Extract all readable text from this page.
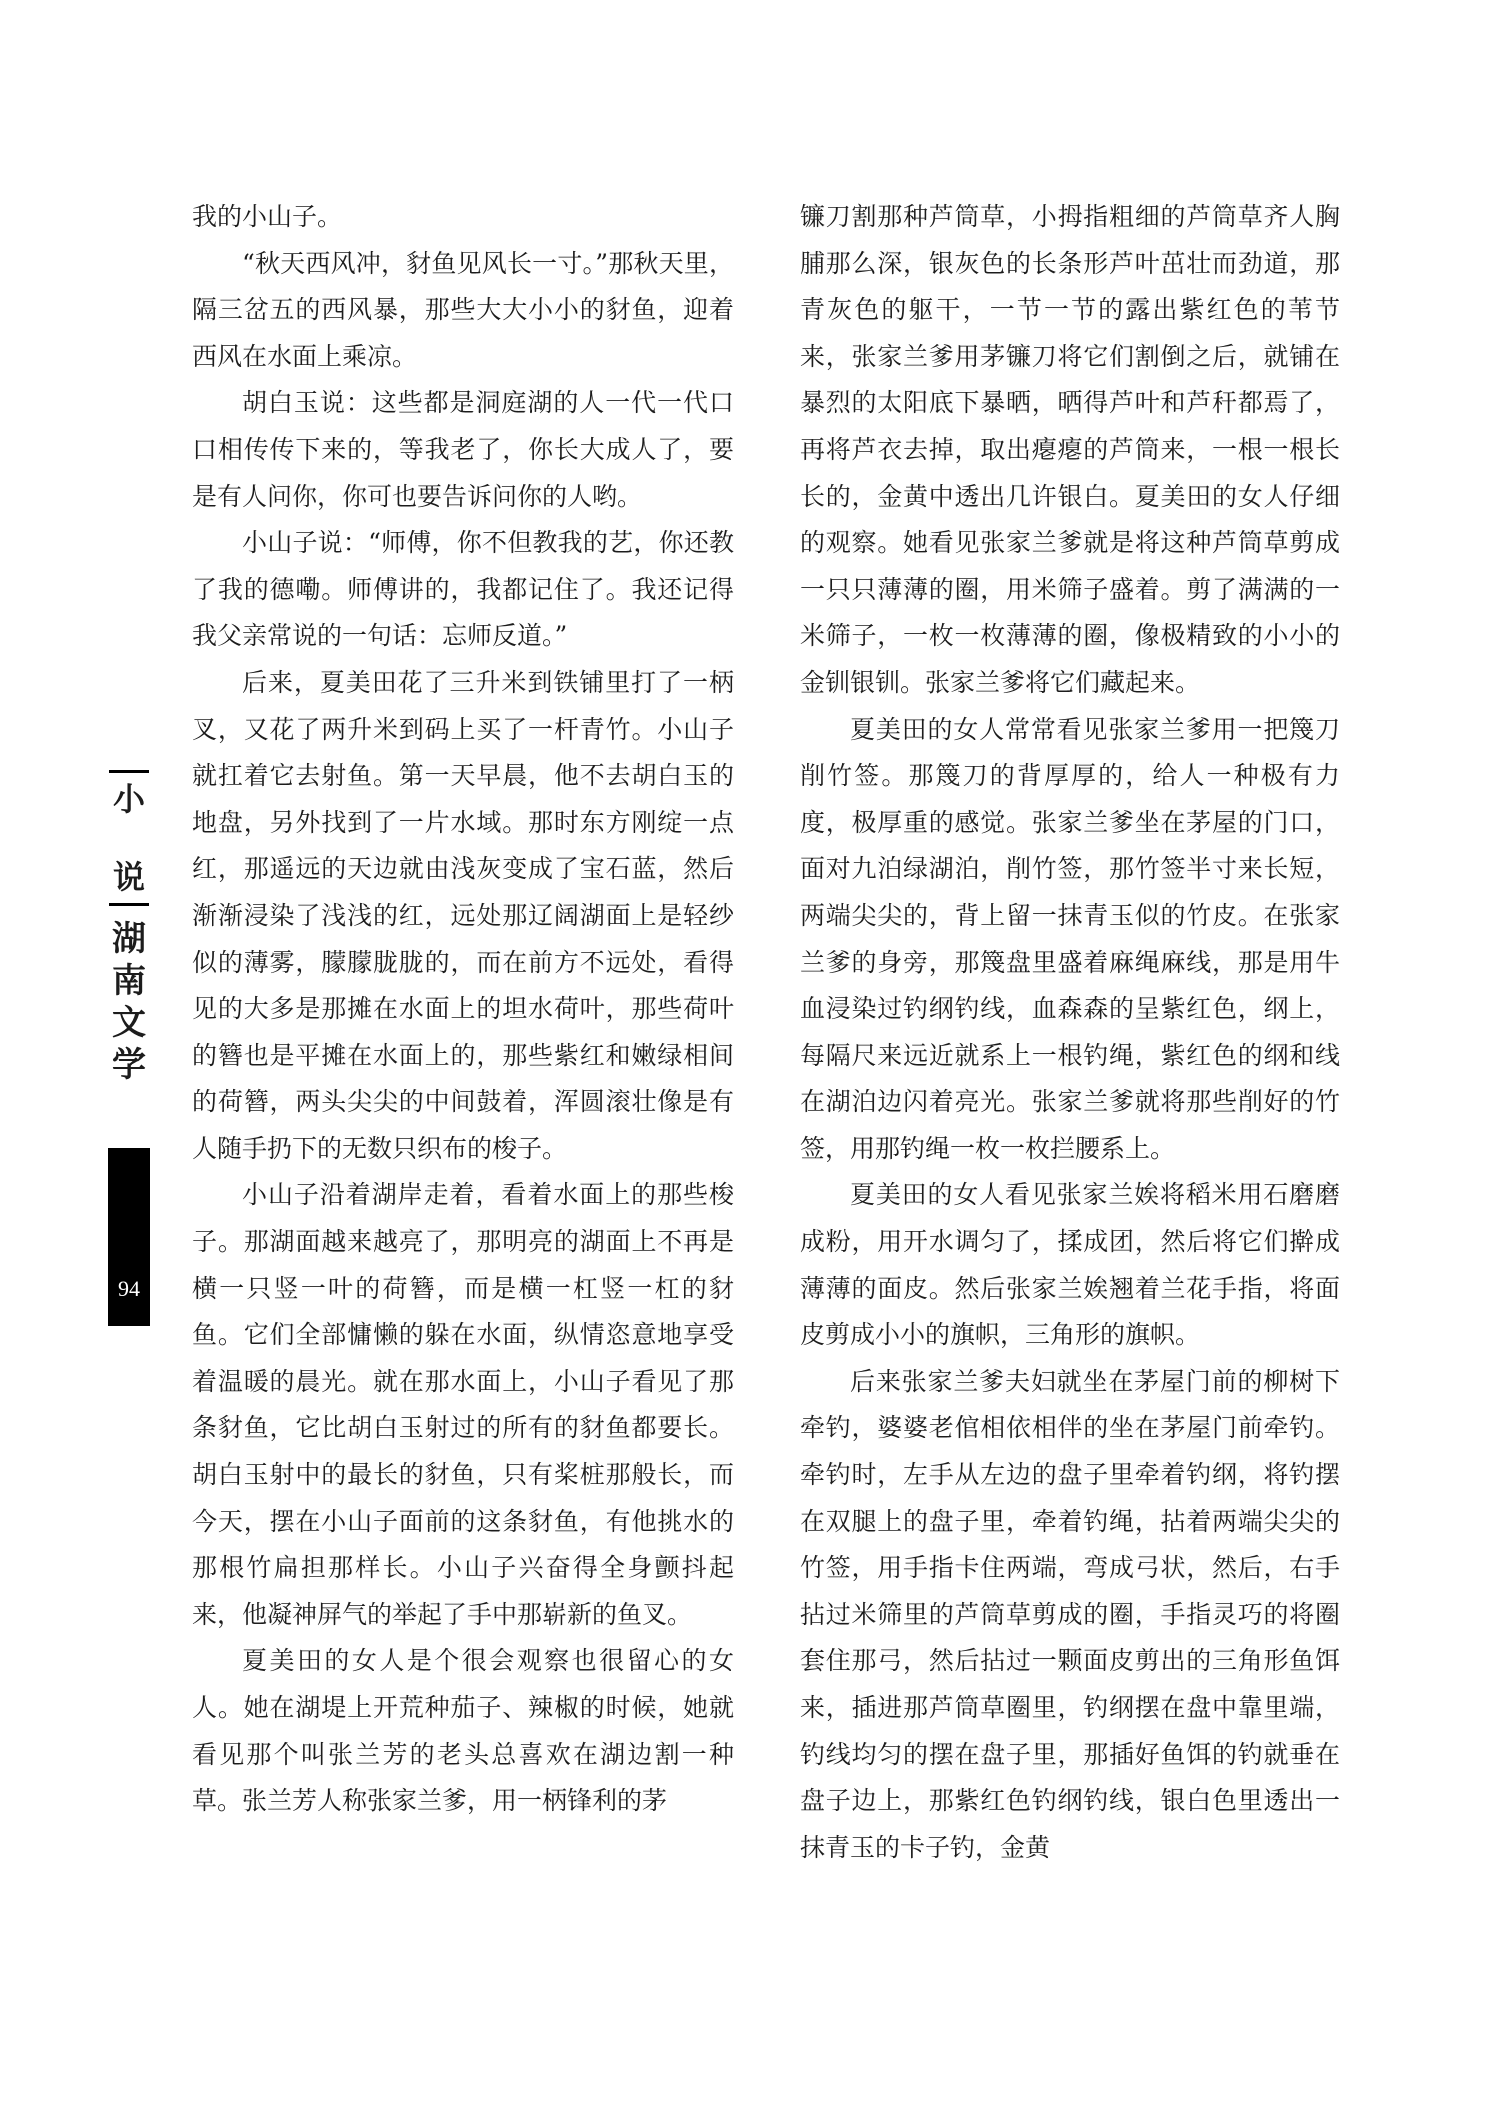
小
说
湖
南
文
学
94

我的小山子。

“秋天西风冲，豺鱼见风长一寸。”那秋天里，隔三岔五的西风暴，那些大大小小的豺鱼，迎着西风在水面上乘凉。

胡白玉说：这些都是洞庭湖的人一代一代口口相传传下来的，等我老了，你长大成人了，要是有人问你，你可也要告诉问你的人哟。

小山子说：“师傅，你不但教我的艺，你还教了我的德嘞。师傅讲的，我都记住了。我还记得我父亲常说的一句话：忘师反道。”

后来，夏美田花了三升米到铁铺里打了一柄叉，又花了两升米到码上买了一杆青竹。小山子就扛着它去射鱼。第一天早晨，他不去胡白玉的地盘，另外找到了一片水域。那时东方刚绽一点红，那遥远的天边就由浅灰变成了宝石蓝，然后渐渐浸染了浅浅的红，远处那辽阔湖面上是轻纱似的薄雾，朦朦胧胧的，而在前方不远处，看得见的大多是那摊在水面上的坦水荷叶，那些荷叶的簪也是平摊在水面上的，那些紫红和嫩绿相间的荷簪，两头尖尖的中间鼓着，浑圆滚壮像是有人随手扔下的无数只织布的梭子。

小山子沿着湖岸走着，看着水面上的那些梭子。那湖面越来越亮了，那明亮的湖面上不再是横一只竖一叶的荷簪，而是横一杠竖一杠的豺鱼。它们全部慵懒的躲在水面，纵情恣意地享受着温暖的晨光。就在那水面上，小山子看见了那条豺鱼，它比胡白玉射过的所有的豺鱼都要长。胡白玉射中的最长的豺鱼，只有桨桩那般长，而今天，摆在小山子面前的这条豺鱼，有他挑水的那根竹扁担那样长。小山子兴奋得全身颤抖起来，他凝神屏气的举起了手中那崭新的鱼叉。

夏美田的女人是个很会观察也很留心的女人。她在湖堤上开荒种茄子、辣椒的时候，她就看见那个叫张兰芳的老头总喜欢在湖边割一种草。张兰芳人称张家兰爹，用一柄锋利的茅

镰刀割那种芦筒草，小拇指粗细的芦筒草齐人胸脯那么深，银灰色的长条形芦叶茁壮而劲道，那青灰色的躯干，一节一节的露出紫红色的苇节来，张家兰爹用茅镰刀将它们割倒之后，就铺在暴烈的太阳底下暴晒，晒得芦叶和芦秆都焉了，再将芦衣去掉，取出瘪瘪的芦筒来，一根一根长长的，金黄中透出几许银白。夏美田的女人仔细的观察。她看见张家兰爹就是将这种芦筒草剪成一只只薄薄的圈，用米筛子盛着。剪了满满的一米筛子，一枚一枚薄薄的圈，像极精致的小小的金钏银钏。张家兰爹将它们藏起来。

夏美田的女人常常看见张家兰爹用一把篾刀削竹签。那篾刀的背厚厚的，给人一种极有力度，极厚重的感觉。张家兰爹坐在茅屋的门口，面对九泊绿湖泊，削竹签，那竹签半寸来长短，两端尖尖的，背上留一抹青玉似的竹皮。在张家兰爹的身旁，那篾盘里盛着麻绳麻线，那是用牛血浸染过钓纲钓线，血森森的呈紫红色，纲上，每隔尺来远近就系上一根钓绳，紫红色的纲和线在湖泊边闪着亮光。张家兰爹就将那些削好的竹签，用那钓绳一枚一枚拦腰系上。

夏美田的女人看见张家兰娭将稻米用石磨磨成粉，用开水调匀了，揉成团，然后将它们擀成薄薄的面皮。然后张家兰娭翘着兰花手指，将面皮剪成小小的旗帜，三角形的旗帜。

后来张家兰爹夫妇就坐在茅屋门前的柳树下牵钓，婆婆老倌相依相伴的坐在茅屋门前牵钓。牵钓时，左手从左边的盘子里牵着钓纲，将钓摆在双腿上的盘子里，牵着钓绳，拈着两端尖尖的竹签，用手指卡住两端，弯成弓状，然后，右手拈过米筛里的芦筒草剪成的圈，手指灵巧的将圈套住那弓，然后拈过一颗面皮剪出的三角形鱼饵来，插进那芦筒草圈里，钓纲摆在盘中靠里端，钓线均匀的摆在盘子里，那插好鱼饵的钓就垂在盘子边上，那紫红色钓纲钓线，银白色里透出一抹青玉的卡子钓，金黄
